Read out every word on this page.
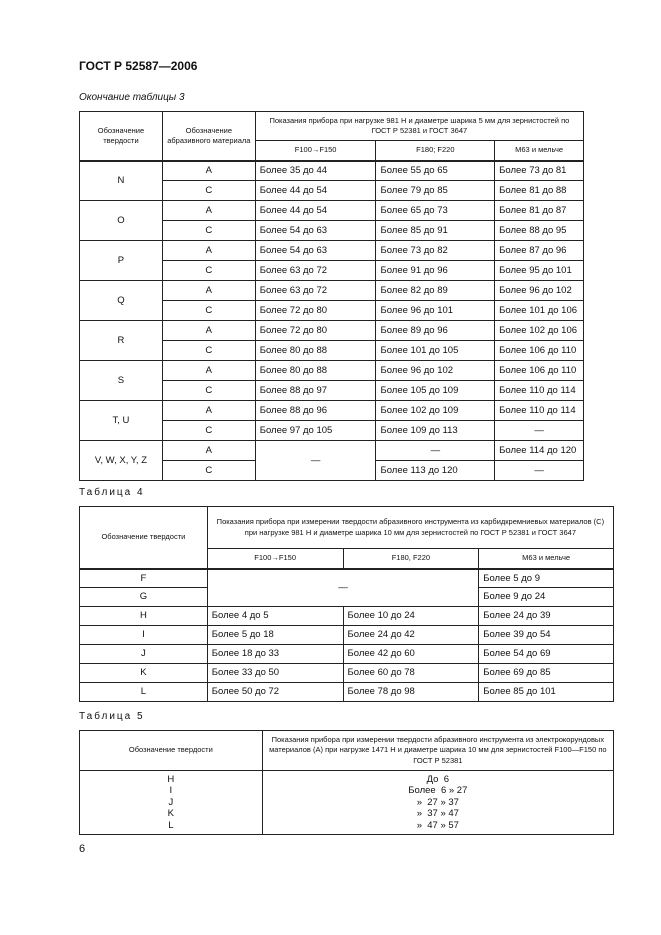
ГОСТ Р 52587—2006
Окончание таблицы 3
Обозначение твердости	Обозначение абразивного материала	Показания прибора при нагрузке 981 Н и диаметре шарика 5 мм для зернистостей по ГОСТ Р 52381 и ГОСТ 3647		
		F100→F150	F180; F220	М63 и мельче
N	A	Более 35 до 44	Более 55 до 65	Более 73 до 81
	C	Более 44 до 54	Более 79 до 85	Более 81 до 88
O	A	Более 44 до 54	Более 65 до 73	Более 81 до 87
	C	Более 54 до 63	Более 85 до 91	Более 88 до 95
P	A	Более 54 до 63	Более 73 до 82	Более 87 до 96
	C	Более 63 до 72	Более 91 до 96	Более 95 до 101
Q	A	Более 63 до 72	Более 82 до 89	Более 96 до 102
	C	Более 72 до 80	Более 96 до 101	Более 101 до 106
R	A	Более 72 до 80	Более 89 до 96	Более 102 до 106
	C	Более 80 до 88	Более 101 до 105	Более 106 до 110
S	A	Более 80 до 88	Более 96 до 102	Более 106 до 110
	C	Более 88 до 97	Более 105 до 109	Более 110 до 114
T, U	A	Более 88 до 96	Более 102 до 109	Более 110 до 114
	C	Более 97 до 105	Более 109 до 113	—
V, W, X, Y, Z	A	—	—	Более 114 до 120
	C		Более 113 до 120	—
Таблица 4
Обозначение твердости	Показания прибора при измерении твердости абразивного инструмента из карбидкремниевых материалов (С) при нагрузке 981 Н и диаметре шарика 10 мм для зернистостей по ГОСТ Р 52381 и ГОСТ 3647		
	F100→F150	F180, F220	М63 и мельче
F	—		Более 5 до 9
G			Более 9 до 24
H	Более 4 до 5	Более 10 до 24	Более 24 до 39
I	Более 5 до 18	Более 24 до 42	Более 39 до 54
J	Более 18 до 33	Более 42 до 60	Более 54 до 69
K	Более 33 до 50	Более 60 до 78	Более 69 до 85
L	Более 50 до 72	Более 78 до 98	Более 85 до 101
Таблица 5
Обозначение твердости	Показания прибора при измерении твердости абразивного инструмента из электрокорундовых материалов (А) при нагрузке 1471 Н и диаметре шарика 10 мм для зернистостей F100—F150 по ГОСТ Р 52381
H	До  6
I	Более  6 » 27
J	»  27 » 37
K	»  37 » 47
L	»  47 » 57
6
